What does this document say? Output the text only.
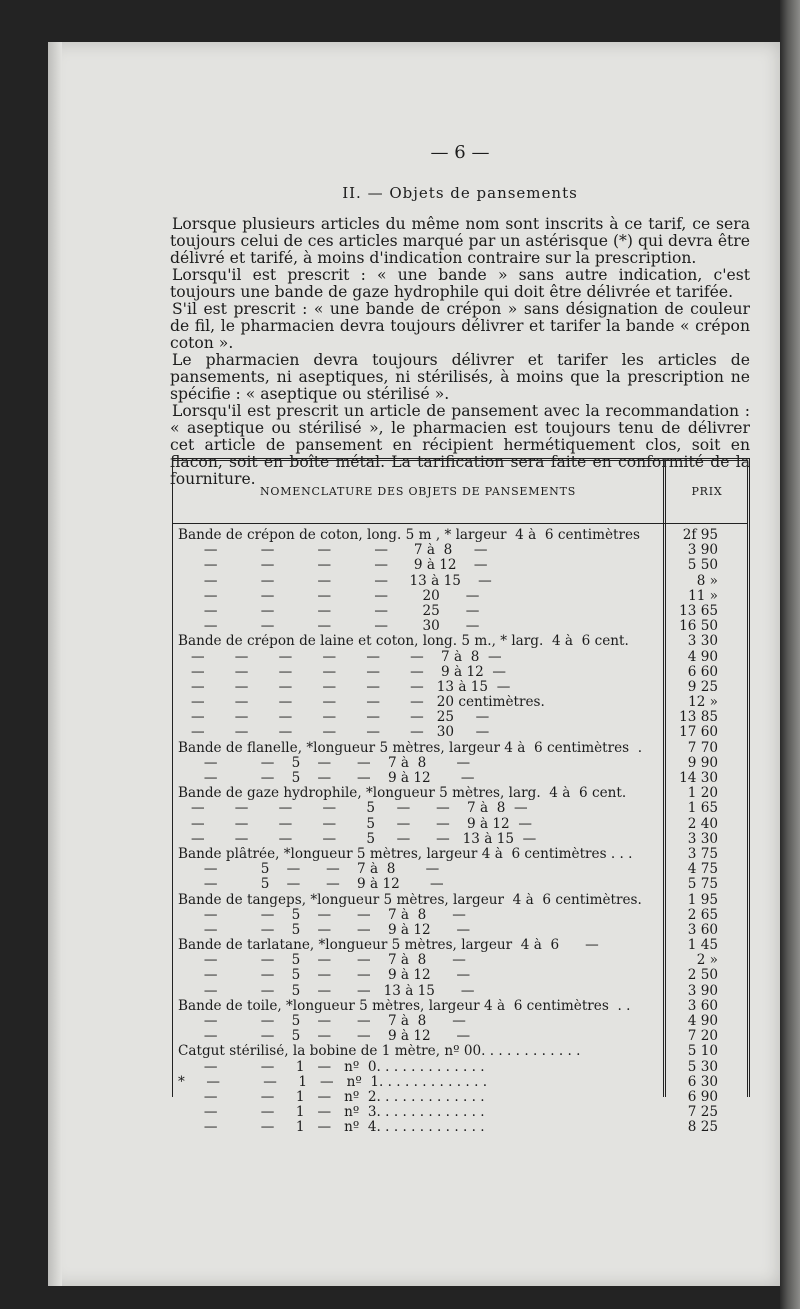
— 6 —
II. — Objets de pansements

Lorsque plusieurs articles du même nom sont inscrits à ce tarif, ce sera toujours celui de ces articles marqué par un astérisque (*) qui devra être délivré et tarifé, à moins d'indication contraire sur la prescription.

Lorsqu'il est prescrit : « une bande » sans autre indication, c'est toujours une bande de gaze hydrophile qui doit être délivrée et tarifée.

S'il est prescrit : « une bande de crépon » sans désignation de couleur de fil, le pharmacien devra toujours délivrer et tarifer la bande « crépon coton ».

Le pharmacien devra toujours délivrer et tarifer les articles de pansements, ni aseptiques, ni stérilisés, à moins que la prescription ne spécifie : « aseptique ou stérilisé ».

Lorsqu'il est prescrit un article de pansement avec la recommandation : « aseptique ou stérilisé », le pharmacien est toujours tenu de délivrer cet article de pansement en récipient hermétiquement clos, soit en flacon, soit en boîte métal. La tarification sera faite en conformité de la fourniture.

NOMENCLATURE DES OBJETS DE PANSEMENTS	PRIX
Bande de crépon de coton, long. 5 m , * largeur  4 à  6 centimètres	2f 95
—          —          —          —      7 à  8     —	3 90
—          —          —          —      9 à 12    —	5 50
—          —          —          —     13 à 15    —	8 »
—          —          —          —        20      —	11 »
—          —          —          —        25      —	13 65
—          —          —          —        30      —	16 50
Bande de crépon de laine et coton, long. 5 m., * larg.  4 à  6 cent.	3 30
—       —       —       —       —       —    7 à  8  —	4 90
—       —       —       —       —       —    9 à 12  —	6 60
—       —       —       —       —       —   13 à 15  —	9 25
—       —       —       —       —       —   20 centimètres.	12 »
—       —       —       —       —       —   25     —	13 85
—       —       —       —       —       —   30     —	17 60
Bande de flanelle, *longueur 5 mètres, largeur 4 à  6 centimètres  .	7 70
—          —    5    —      —    7 à  8       —	9 90
—          —    5    —      —    9 à 12       —	14 30
Bande de gaze hydrophile, *longueur 5 mètres, larg.  4 à  6 cent.	1 20
—       —       —       —       5     —      —    7 à  8  —	1 65
—       —       —       —       5     —      —    9 à 12  —	2 40
—       —       —       —       5     —      —   13 à 15  —	3 30
Bande plâtrée, *longueur 5 mètres, largeur 4 à  6 centimètres . . .	3 75
—          5    —      —    7 à  8       —	4 75
—          5    —      —    9 à 12       —	5 75
Bande de tangeps, *longueur 5 mètres, largeur  4 à  6 centimètres.	1 95
—          —    5    —      —    7 à  8      —	2 65
—          —    5    —      —    9 à 12      —	3 60
Bande de tarlatane, *longueur 5 mètres, largeur  4 à  6      —	1 45
—          —    5    —      —    7 à  8      —	2 »
—          —    5    —      —    9 à 12      —	2 50
—          —    5    —      —   13 à 15      —	3 90
Bande de toile, *longueur 5 mètres, largeur 4 à  6 centimètres  . .	3 60
—          —    5    —      —    7 à  8      —	4 90
—          —    5    —      —    9 à 12      —	7 20
Catgut stérilisé, la bobine de 1 mètre, nº 00. . . . . . . . . . . .	5 10
—          —     1   —   nº  0. . . . . . . . . . . . .	5 30
*     —          —     1   —   nº  1. . . . . . . . . . . . .	6 30
—          —     1   —   nº  2. . . . . . . . . . . . .	6 90
—          —     1   —   nº  3. . . . . . . . . . . . .	7 25
—          —     1   —   nº  4. . . . . . . . . . . . .	8 25
